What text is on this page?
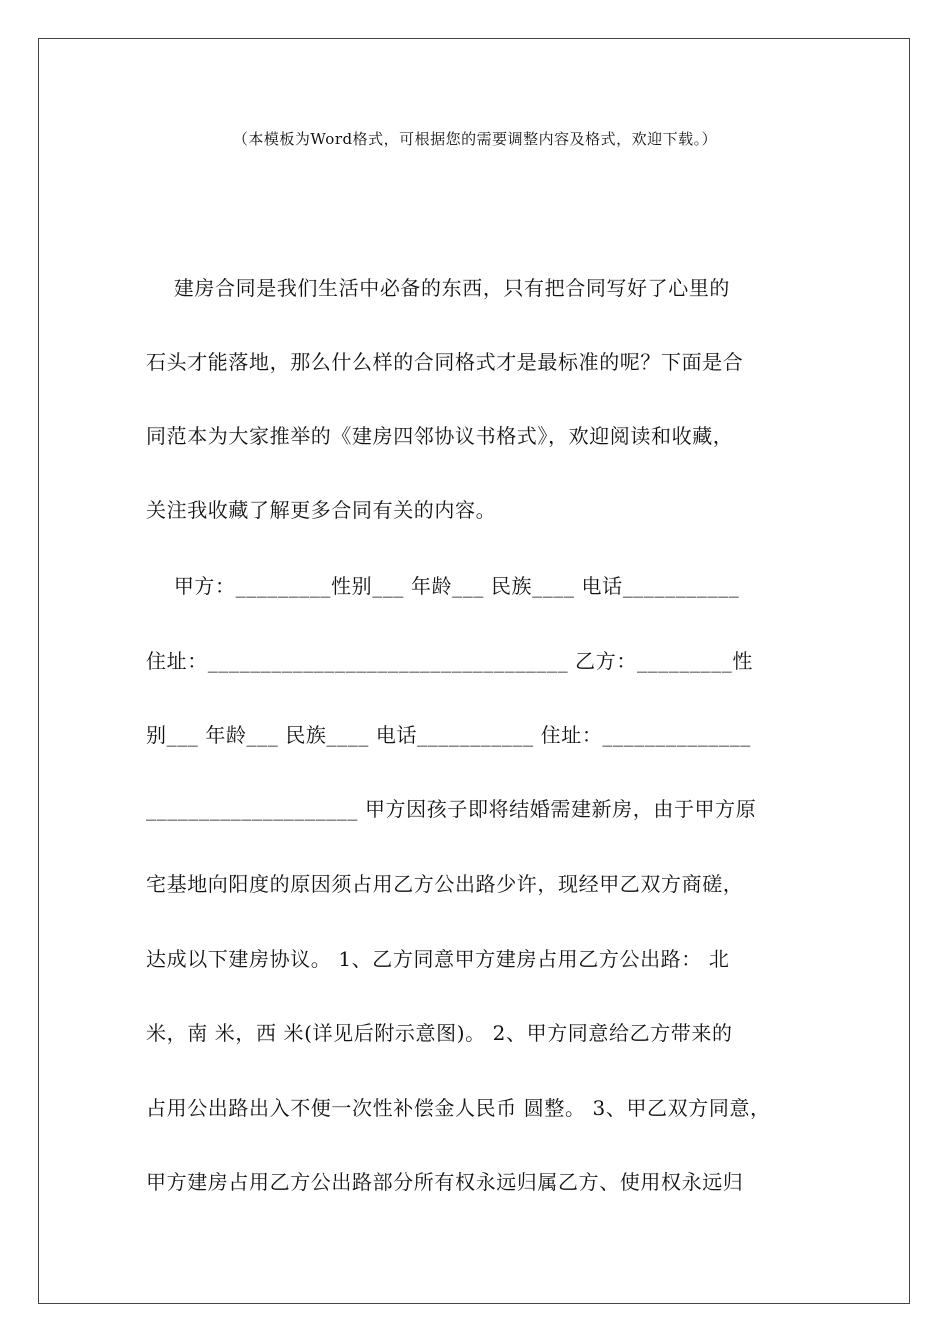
（本模板为Word格式，可根据您的需要调整内容及格式，欢迎下载。）
建房合同是我们生活中必备的东西，只有把合同写好了心里的
石头才能落地，那么什么样的合同格式才是最标准的呢？下面是合
同范本为大家推举的《建房四邻协议书格式》，欢迎阅读和收藏，
关注我收藏了解更多合同有关的内容。
甲方：_________性别___ 年龄___ 民族____ 电话___________
住址：__________________________________ 乙方：_________性
别___ 年龄___ 民族____ 电话___________ 住址：______________
____________________ 甲方因孩子即将结婚需建新房，由于甲方原
宅基地向阳度的原因须占用乙方公出路少许，现经甲乙双方商磋，
达成以下建房协议。 1、乙方同意甲方建房占用乙方公出路： 北
米，南 米，西 米(详见后附示意图)。 2、甲方同意给乙方带来的
占用公出路出入不便一次性补偿金人民币 圆整。 3、甲乙双方同意，
甲方建房占用乙方公出路部分所有权永远归属乙方、使用权永远归
